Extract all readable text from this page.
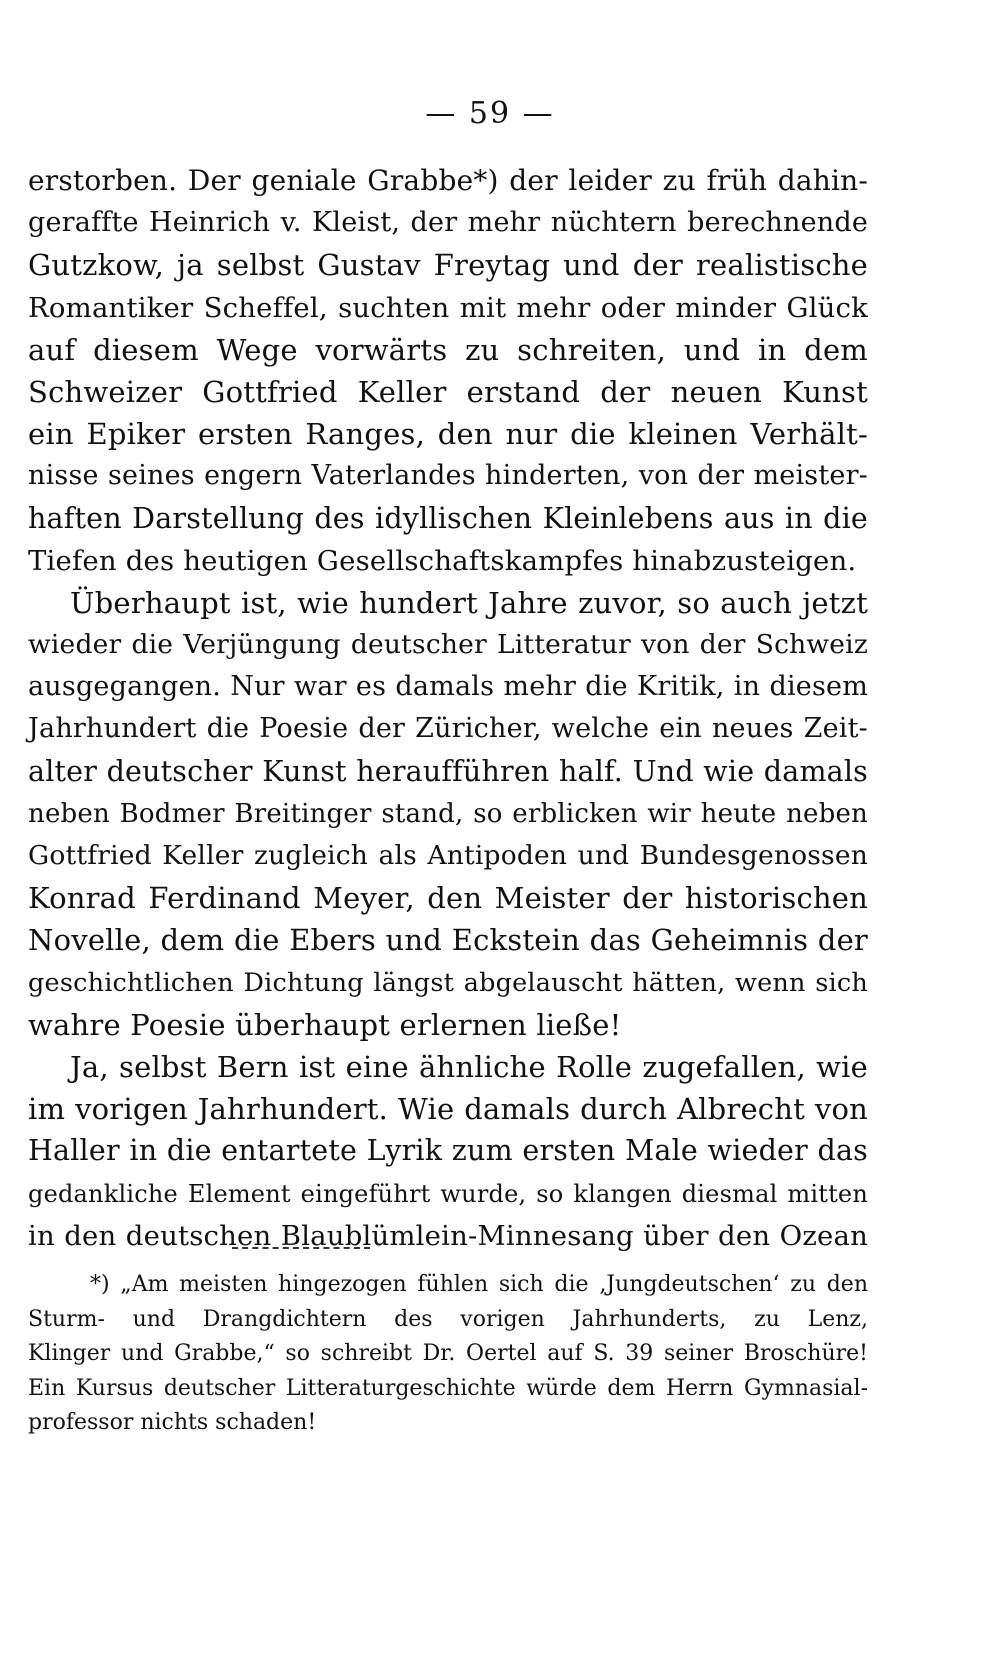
— 59 —
erstorben. Der geniale Grabbe*) der leider zu früh dahin-
geraffte Heinrich v. Kleist, der mehr nüchtern berechnende
Gutzkow, ja selbst Gustav Freytag und der realistische
Romantiker Scheffel, suchten mit mehr oder minder Glück
auf diesem Wege vorwärts zu schreiten, und in dem
Schweizer Gottfried Keller erstand der neuen Kunst
ein Epiker ersten Ranges, den nur die kleinen Verhält-
nisse seines engern Vaterlandes hinderten, von der meister-
haften Darstellung des idyllischen Kleinlebens aus in die
Tiefen des heutigen Gesellschaftskampfes hinabzusteigen.
Überhaupt ist, wie hundert Jahre zuvor, so auch jetzt
wieder die Verjüngung deutscher Litteratur von der Schweiz
ausgegangen. Nur war es damals mehr die Kritik, in diesem
Jahrhundert die Poesie der Züricher, welche ein neues Zeit-
alter deutscher Kunst heraufführen half. Und wie damals
neben Bodmer Breitinger stand, so erblicken wir heute neben
Gottfried Keller zugleich als Antipoden und Bundesgenossen
Konrad Ferdinand Meyer, den Meister der historischen
Novelle, dem die Ebers und Eckstein das Geheimnis der
geschichtlichen Dichtung längst abgelauscht hätten, wenn sich
wahre Poesie überhaupt erlernen ließe!
Ja, selbst Bern ist eine ähnliche Rolle zugefallen, wie
im vorigen Jahrhundert. Wie damals durch Albrecht von
Haller in die entartete Lyrik zum ersten Male wieder das
gedankliche Element eingeführt wurde, so klangen diesmal mitten
in den deutschen Blaublümlein-Minnesang über den Ozean
*) „Am meisten hingezogen fühlen sich die ‚Jungdeutschen‘ zu den
Sturm- und Drangdichtern des vorigen Jahrhunderts, zu Lenz,
Klinger und Grabbe,“ so schreibt Dr. Oertel auf S. 39 seiner Broschüre!
Ein Kursus deutscher Litteraturgeschichte würde dem Herrn Gymnasial-
professor nichts schaden!
